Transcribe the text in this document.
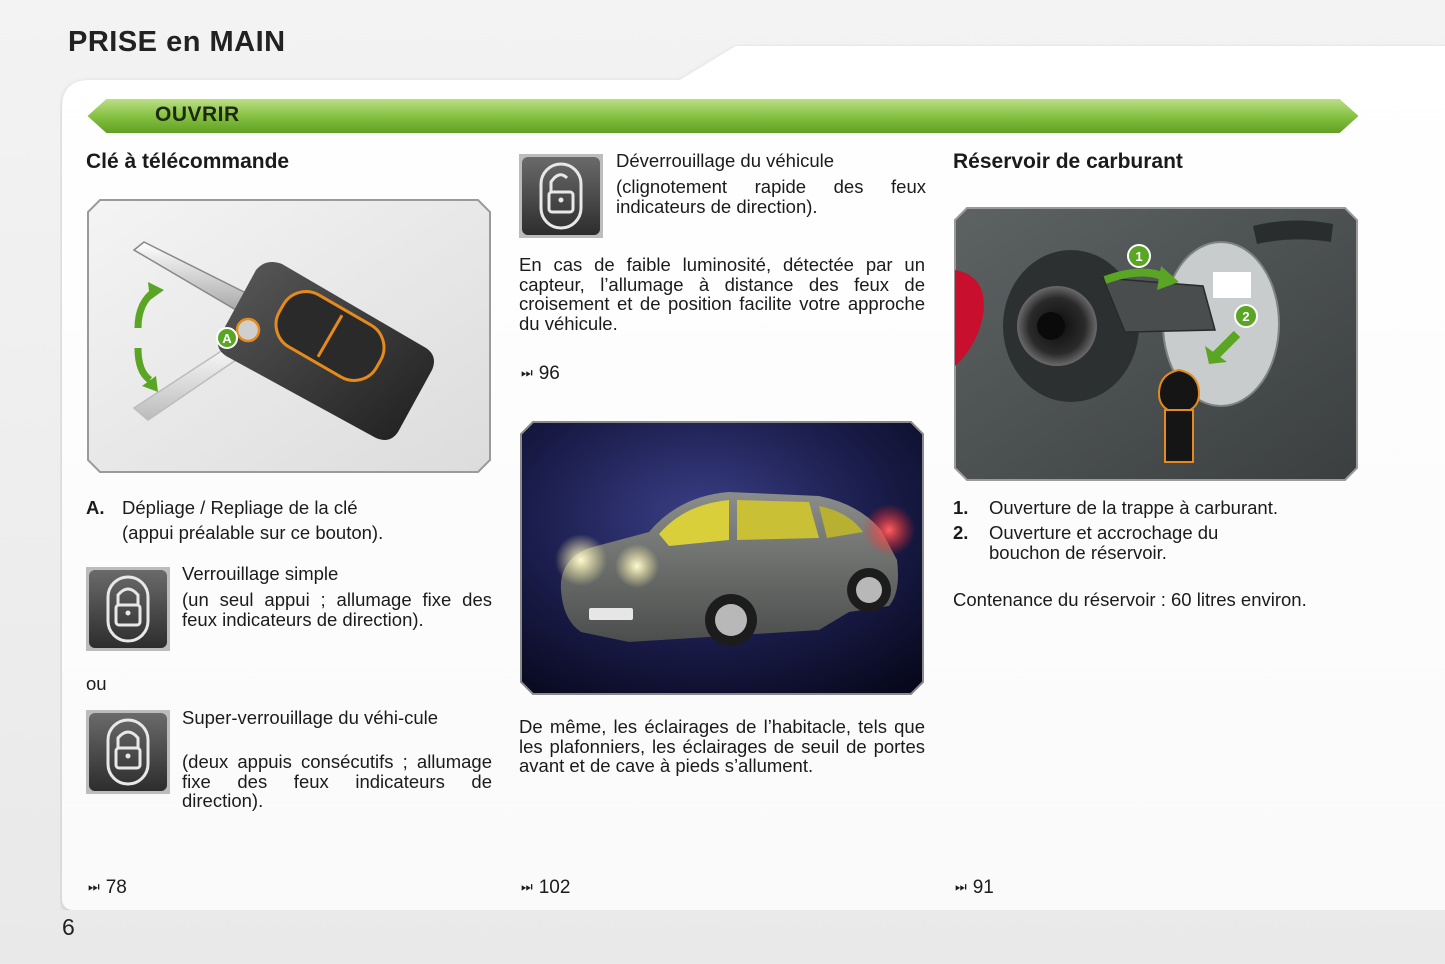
PRISE en MAIN
OUVRIR
Clé à télécommande
A
A. Dépliage / Repliage de la clé
(appui préalable sur ce bouton).
Verrouillage simple
(un seul appui ; allumage fixe des feux indicateurs de direction).
ou
Super-verrouillage du véhi-cule
(deux appuis consécutifs ; allumage fixe des feux indicateurs de direction).
⏭ 78
Déverrouillage du véhicule
(clignotement rapide des feux indicateurs de direction).
En cas de faible luminosité, détectée par un capteur, l’allumage à distance des feux de croisement et de position facilite votre approche du véhicule.
⏭ 96
De même, les éclairages de l’habitacle, tels que les plafonniers, les éclairages de seuil de portes avant et de cave à pieds s’allument.
⏭ 102
Réservoir de carburant
1
2
1. Ouverture de la trappe à carburant.
2. Ouverture et accrochage du bouchon de réservoir.
Contenance du réservoir : 60 litres environ.
⏭ 91
6
